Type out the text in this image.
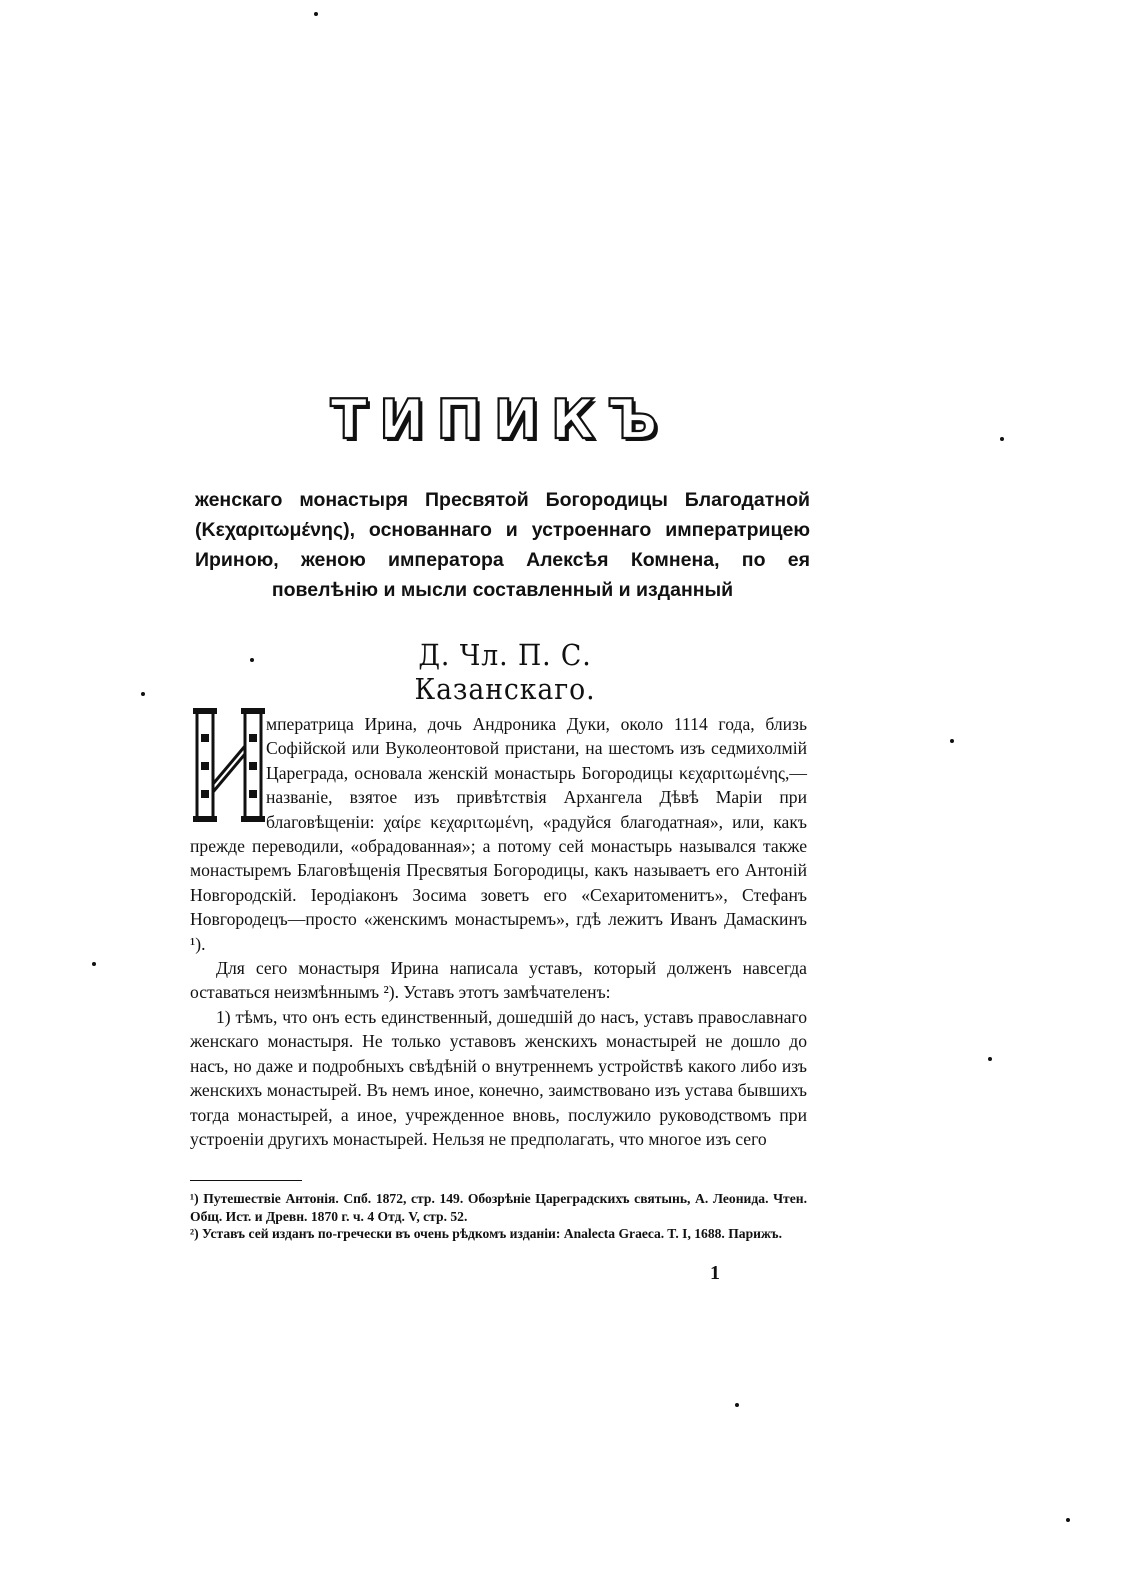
ТИПИКЪ
женскаго монастыря Пресвятой Богородицы Благодатной (Κεχαριτωμένης), основаннаго и устроеннаго императрицею Ириною, женою императора Алексѣя Комнена, по ея повелѣнію и мысли составленный и изданный
Д. Чл. П. С. Казанскаго.

мператрица Ирина, дочь Андроника Дуки, около 1114 года, близь Софійской или Вуколеонтовой пристани, на шестомъ изъ седмихолмій Цареграда, основала женскій монастырь Богородицы κεχαριτωμένης,—названіе, взятое изъ привѣтствія Архангела Дѣвѣ Маріи при благовѣщеніи: χαίρε κεχαριτωμένη, «радуйся благодатная», или, какъ прежде переводили, «обрадованная»; а потому сей монастырь назывался также монастыремъ Благовѣщенія Пресвятыя Богородицы, какъ называетъ его Антоній Новгородскій. Іеродіаконъ Зосима зоветъ его «Сехаритоменитъ», Стефанъ Новгородецъ—просто «женскимъ монастыремъ», гдѣ лежитъ Иванъ Дамаскинъ ¹).

Для сего монастыря Ирина написала уставъ, который долженъ навсегда оставаться неизмѣннымъ ²). Уставъ этотъ замѣчателенъ:

1) тѣмъ, что онъ есть единственный, дошедшій до насъ, уставъ православнаго женскаго монастыря. Не только уставовъ женскихъ монастырей не дошло до насъ, но даже и подробныхъ свѣдѣній о внутреннемъ устройствѣ какого либо изъ женскихъ монастырей. Въ немъ иное, конечно, заимствовано изъ устава бывшихъ тогда монастырей, а иное, учрежденное вновь, послужило руководствомъ при устроеніи другихъ монастырей. Нельзя не предполагать, что многое изъ сего

¹) Путешествіе Антонія. Спб. 1872, стр. 149. Обозрѣніе Цареградскихъ святынь, А. Леонида. Чтен. Общ. Ист. и Древн. 1870 г. ч. 4 Отд. V, стр. 52.

²) Уставъ сей изданъ по-гречески въ очень рѣдкомъ изданіи: Analecta Graeca. T. I, 1688. Парижъ.

1
